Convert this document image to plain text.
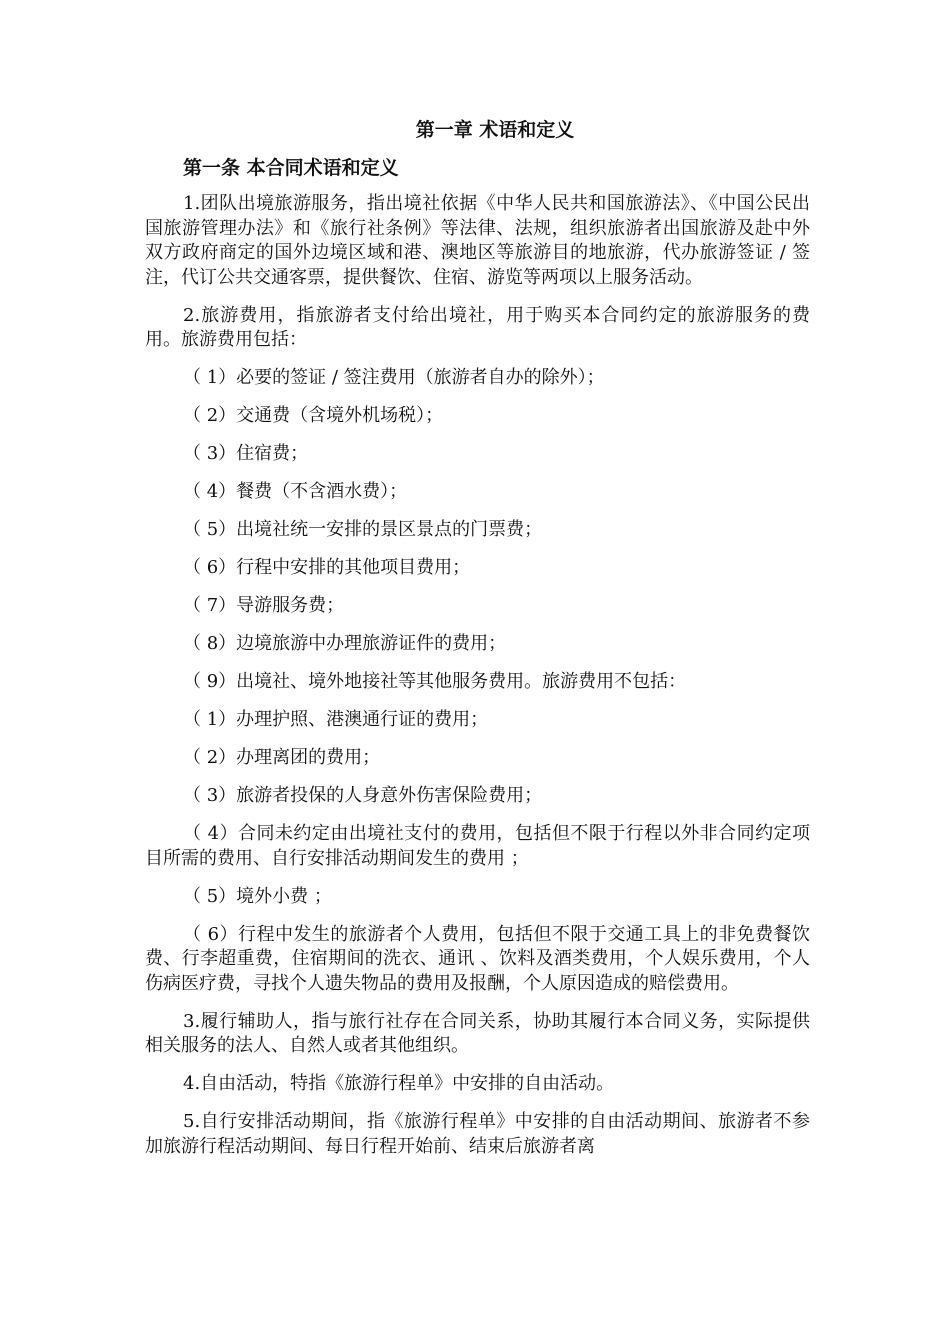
第一章 术语和定义
第一条 本合同术语和定义

1.团队出境旅游服务，指出境社依据《中华人民共和国旅游法》、《中国公民出国旅游管理办法》和《旅行社条例》等法律、法规，组织旅游者出国旅游及赴中外双方政府商定的国外边境区域和港、澳地区等旅游目的地旅游，代办旅游签证 / 签注，代订公共交通客票，提供餐饮、住宿、游览等两项以上服务活动。

2.旅游费用，指旅游者支付给出境社，用于购买本合同约定的旅游服务的费用。旅游费用包括：

（ 1）必要的签证 / 签注费用（旅游者自办的除外）；

（ 2）交通费（含境外机场税）；

（ 3）住宿费；

（ 4）餐费（不含酒水费）；

（ 5）出境社统一安排的景区景点的门票费；

（ 6）行程中安排的其他项目费用；

（ 7）导游服务费；

（ 8）边境旅游中办理旅游证件的费用；

（ 9）出境社、境外地接社等其他服务费用。旅游费用不包括：

（ 1）办理护照、港澳通行证的费用；

（ 2）办理离团的费用；

（ 3）旅游者投保的人身意外伤害保险费用；

（ 4）合同未约定由出境社支付的费用，包括但不限于行程以外非合同约定项目所需的费用、自行安排活动期间发生的费用 ；

（ 5）境外小费 ；

（ 6）行程中发生的旅游者个人费用，包括但不限于交通工具上的非免费餐饮费、行李超重费，住宿期间的洗衣、通讯 、饮料及酒类费用，个人娱乐费用，个人伤病医疗费，寻找个人遗失物品的费用及报酬，个人原因造成的赔偿费用。

3.履行辅助人，指与旅行社存在合同关系，协助其履行本合同义务，实际提供相关服务的法人、自然人或者其他组织。

4.自由活动，特指《旅游行程单》中安排的自由活动。

5.自行安排活动期间，指《旅游行程单》中安排的自由活动期间、旅游者不参加旅游行程活动期间、每日行程开始前、结束后旅游者离
